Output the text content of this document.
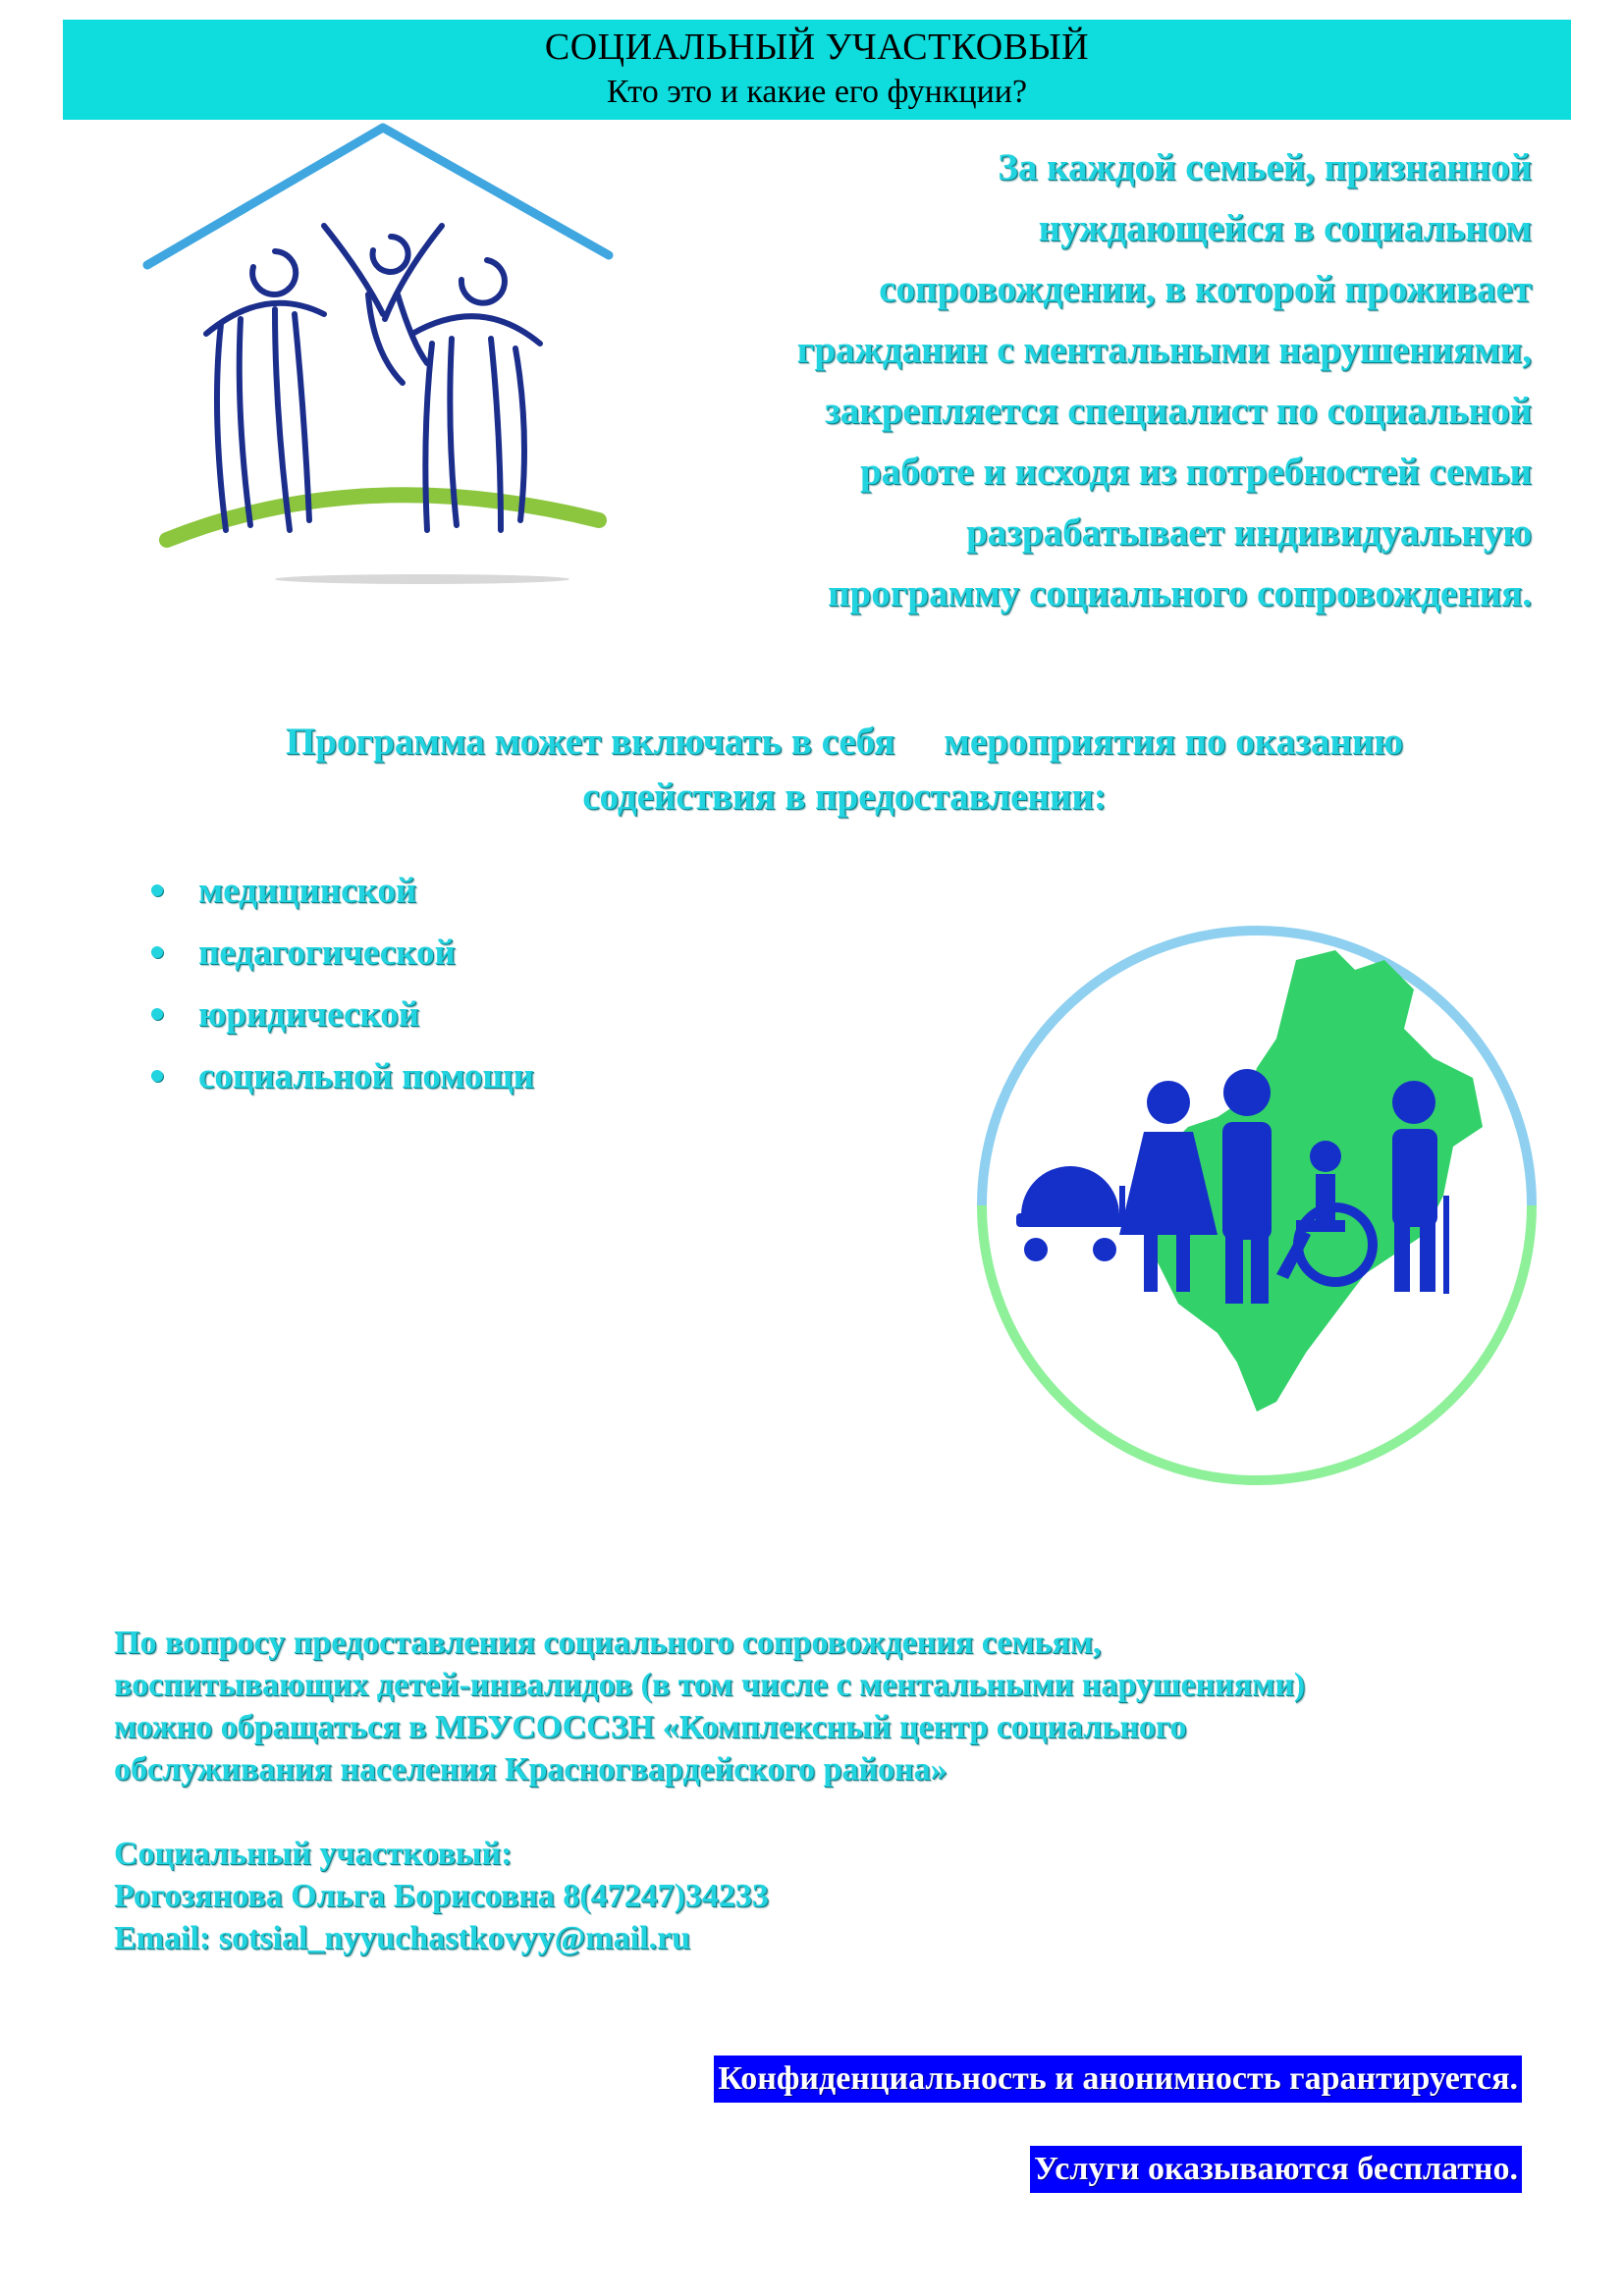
СОЦИАЛЬНЫЙ УЧАСТКОВЫЙ
Кто это и какие его функции?
За каждой семьей, признанной
нуждающейся в социальном
сопровождении, в которой проживает
гражданин с ментальными нарушениями,
закрепляется специалист по социальной
работе и исходя из потребностей семьи
разрабатывает индивидуальную
программу социального сопровождения.
Программа может включать в себя мероприятия по оказанию
содействия в предоставлении:
медицинской
педагогической
юридической
социальной помощи

По вопросу предоставления социального сопровождения семьям,

воспитывающих детей-инвалидов (в том числе с ментальными нарушениями)

можно обращаться в МБУСОССЗН «Комплексный центр социального

обслуживания населения Красногвардейского района»

Социальный участковый:

Рогозянова Ольга Борисовна 8(47247)34233

Email: sotsial_nyyuchastkovyy@mail.ru

Конфиденциальность и анонимность гарантируется.
Услуги оказываются бесплатно.
